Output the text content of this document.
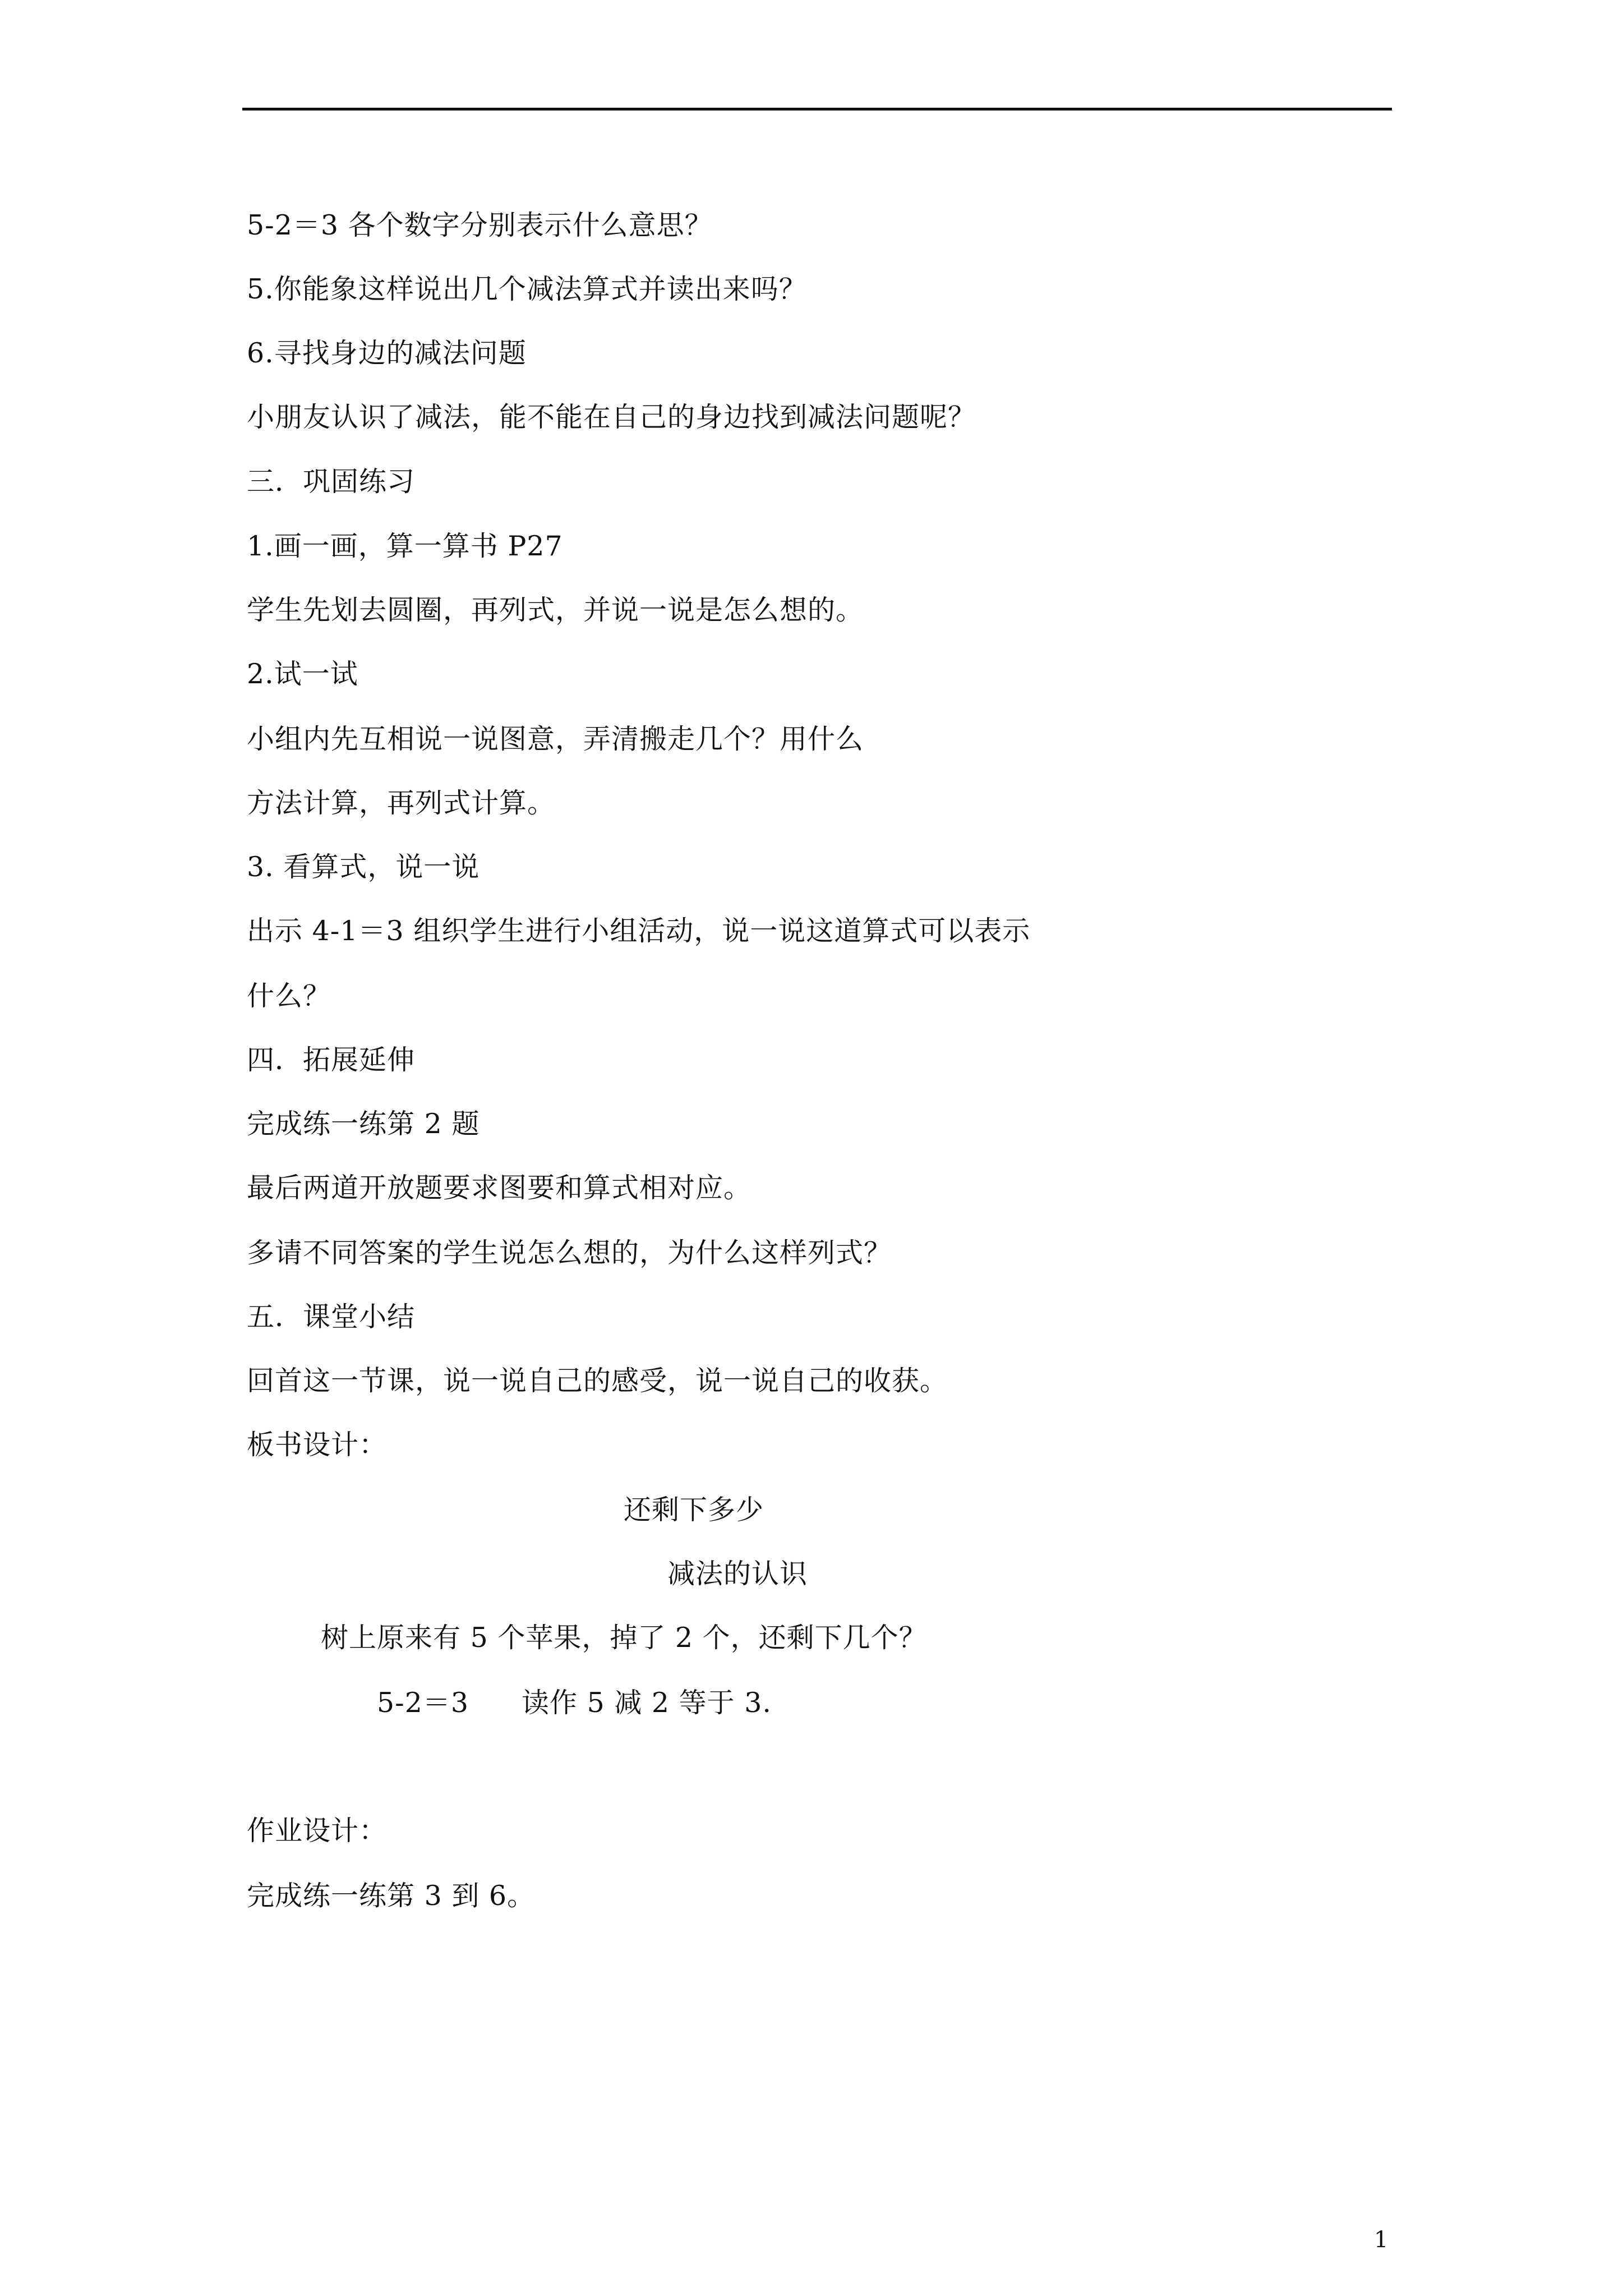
5-2＝3 各个数字分别表示什么意思？
5.你能象这样说出几个减法算式并读出来吗？
6.寻找身边的减法问题
小朋友认识了减法，能不能在自己的身边找到减法问题呢？
三．巩固练习
1.画一画，算一算书 P27
学生先划去圆圈，再列式，并说一说是怎么想的。
2.试一试
小组内先互相说一说图意，弄清搬走几个？用什么
方法计算，再列式计算。
3. 看算式，说一说
出示 4-1＝3 组织学生进行小组活动，说一说这道算式可以表示
什么？
四．拓展延伸
完成练一练第 2 题
最后两道开放题要求图要和算式相对应。
多请不同答案的学生说怎么想的，为什么这样列式？
五．课堂小结
回首这一节课，说一说自己的感受，说一说自己的收获。
板书设计：
还剩下多少
减法的认识
树上原来有 5 个苹果，掉了 2 个，还剩下几个？
5-2＝3 读作 5 减 2 等于 3.
作业设计：
完成练一练第 3 到 6。
1
